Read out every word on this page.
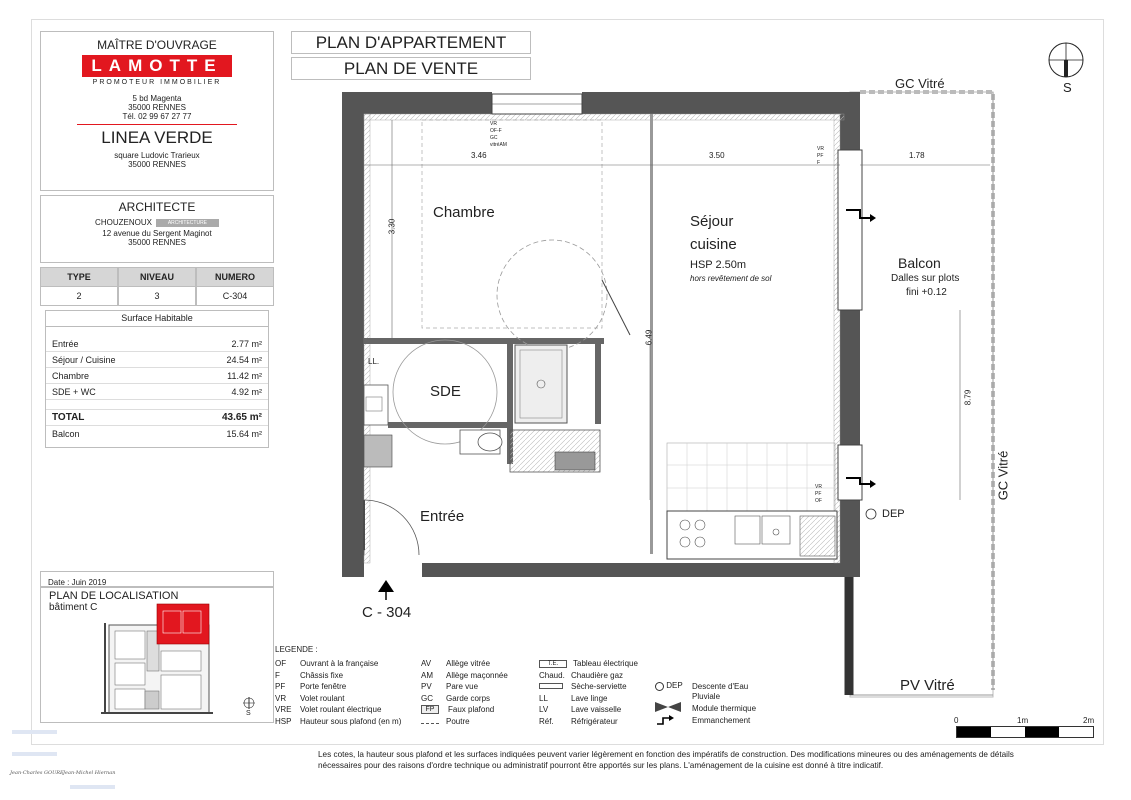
MAÎTRE D'OUVRAGE
LAMOTTE
PROMOTEUR IMMOBILIER
5 bd Magenta
35000 RENNES
Tél. 02 99 67 27 77
LINEA VERDE
square Ludovic Trarieux
35000 RENNES
ARCHITECTE
CHOUZENOUX	ARCHITECTURE
12 avenue du Sergent Maginot
35000 RENNES
TYPE	NIVEAU	NUMERO
2	3	C-304
Surface Habitable
Entrée	2.77 m²
Séjour / Cuisine	24.54 m²
Chambre	11.42 m²
SDE + WC	4.92 m²
TOTAL	43.65 m²
Balcon	15.64 m²
Date : Juin 2019
PLAN DE LOCALISATION
bâtiment C
S
Jean-Charles GOURE Jean-Michel Hiernan
PLAN D'APPARTEMENT
PLAN DE VENTE
S
Chambre
Séjour
cuisine
HSP 2.50m
hors revêtement de sol
SDE
Entrée
LL.
Balcon
Dalles sur plots
fini +0.12
3.46	3.50	1.78
3.30
6.49
8.79
GC Vitré
GC Vitré
PV Vitré
DEP
C - 304
VR
OF-F
GC
vitréAM
VR
PF
F
VR
PF
OF
LEGENDE :
OF	Ouvrant à la française
F	Châssis fixe
PF	Porte fenêtre
VR	Volet roulant
VRE	Volet roulant électrique
HSP	Hauteur sous plafond (en m)
AV	Allège vitrée
AM	Allège maçonnée
PV	Pare vue
GC	Garde corps
FP	Faux plafond
Poutre
T.E.	Tableau électrique
Chaud. Chaudière gaz
Sèche-serviette
LL	Lave linge
LV	Lave vaisselle
Réf.	Réfrigérateur
DEP	Descente d'Eau
Pluviale
Module thermique
Emmanchement	0	1m	2m
Les cotes, la hauteur sous plafond et les surfaces indiquées peuvent varier légèrement en fonction des impératifs de construction. Des modifications mineures ou des aménagements de détails
nécessaires pour des raisons d'ordre technique ou administratif pourront être apportés sur les plans. L'aménagement de la cuisine est donné à titre indicatif.
